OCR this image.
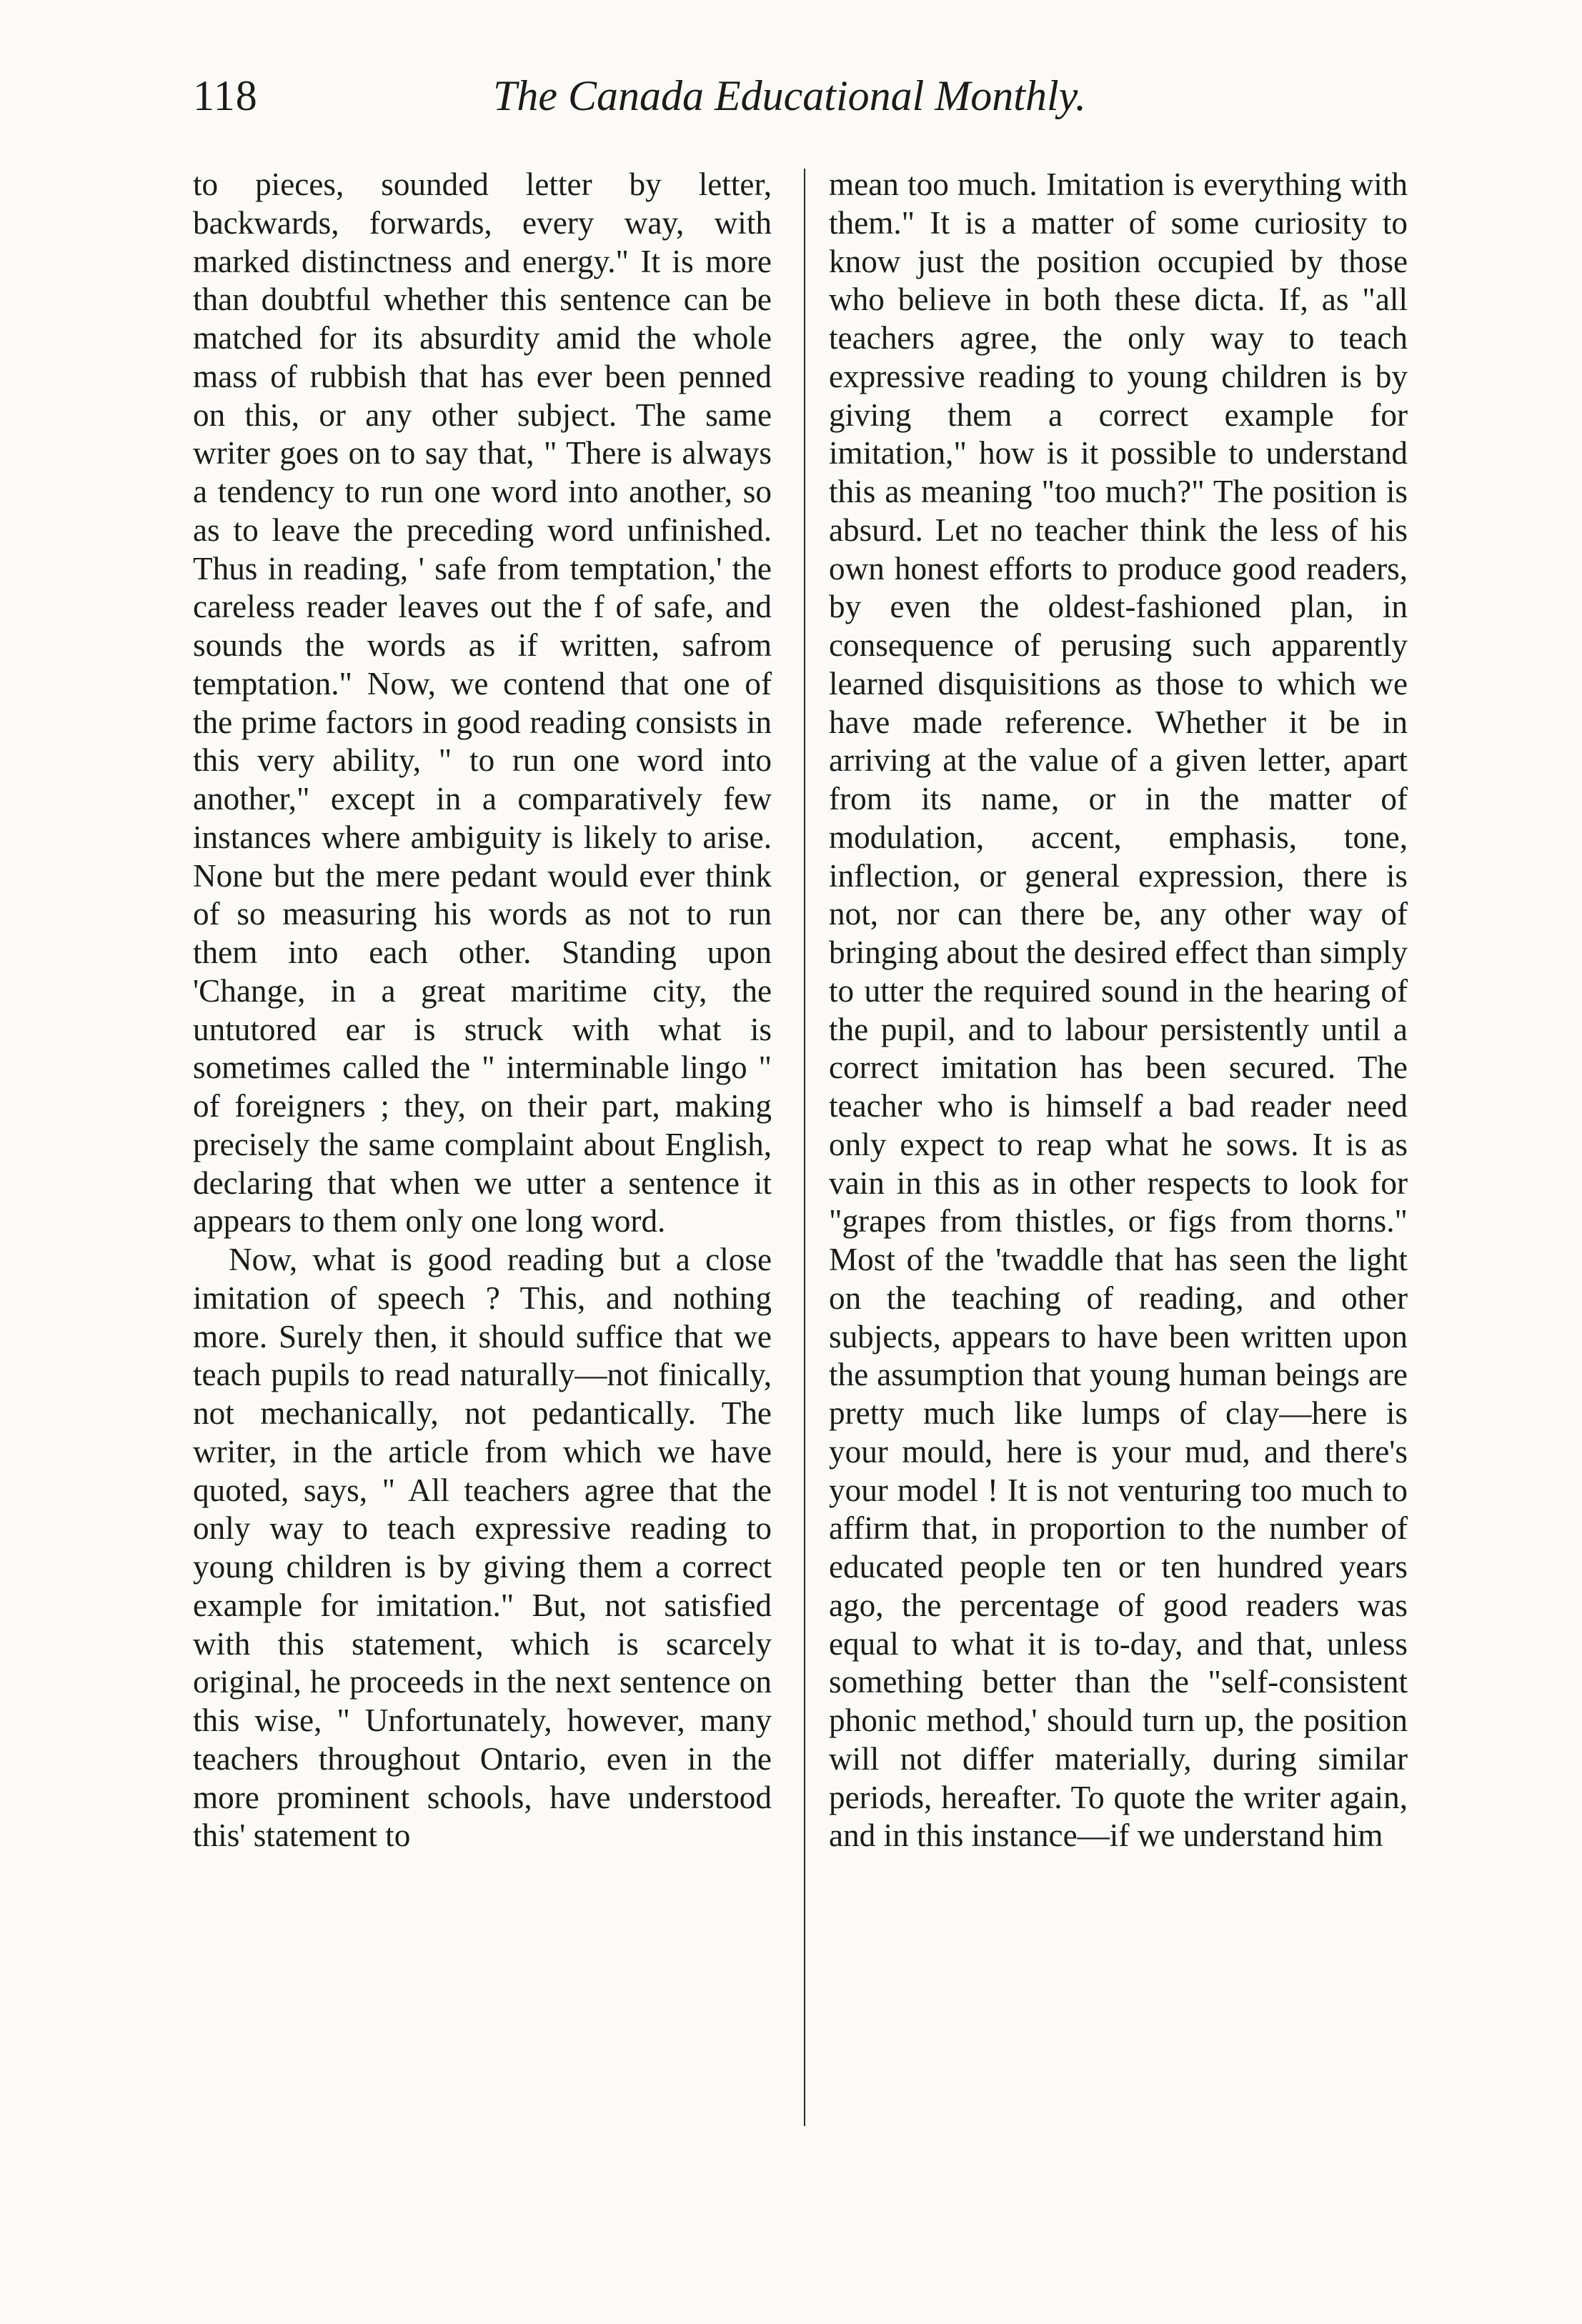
118	The Canada Educational Monthly.

to pieces, sounded letter by letter, backwards, forwards, every way, with marked distinctness and energy." It is more than doubtful whether this sentence can be matched for its absurdity amid the whole mass of rubbish that has ever been penned on this, or any other subject. The same writer goes on to say that, " There is always a tendency to run one word into another, so as to leave the preceding word unfinished. Thus in reading, ' safe from temptation,' the careless reader leaves out the f of safe, and sounds the words as if written, safrom temptation." Now, we contend that one of the prime factors in good reading consists in this very ability, " to run one word into another," except in a comparatively few instances where ambiguity is likely to arise. None but the mere pedant would ever think of so measuring his words as not to run them into each other. Standing upon 'Change, in a great maritime city, the untutored ear is struck with what is sometimes called the " interminable lingo " of foreigners ; they, on their part, making precisely the same complaint about English, declaring that when we utter a sentence it appears to them only one long word.

Now, what is good reading but a close imitation of speech ? This, and nothing more. Surely then, it should suffice that we teach pupils to read naturally—not finically, not mechanically, not pedantically. The writer, in the article from which we have quoted, says, " All teachers agree that the only way to teach expressive reading to young children is by giving them a correct example for imitation." But, not satisfied with this statement, which is scarcely original, he proceeds in the next sentence on this wise, " Unfortunately, however, many teachers throughout Ontario, even in the more prominent schools, have understood this' statement to

mean too much. Imitation is everything with them." It is a matter of some curiosity to know just the position occupied by those who believe in both these dicta. If, as "all teachers agree, the only way to teach expressive reading to young children is by giving them a correct example for imitation," how is it possible to understand this as meaning "too much?" The position is absurd. Let no teacher think the less of his own honest efforts to produce good readers, by even the oldest-fashioned plan, in consequence of perusing such apparently learned disquisitions as those to which we have made reference. Whether it be in arriving at the value of a given letter, apart from its name, or in the matter of modulation, accent, emphasis, tone, inflection, or general expression, there is not, nor can there be, any other way of bringing about the desired effect than simply to utter the required sound in the hearing of the pupil, and to labour persistently until a correct imitation has been secured. The teacher who is himself a bad reader need only expect to reap what he sows. It is as vain in this as in other respects to look for "grapes from thistles, or figs from thorns." Most of the 'twaddle that has seen the light on the teaching of reading, and other subjects, appears to have been written upon the assumption that young human beings are pretty much like lumps of clay—here is your mould, here is your mud, and there's your model ! It is not venturing too much to affirm that, in proportion to the number of educated people ten or ten hundred years ago, the percentage of good readers was equal to what it is to-day, and that, unless something better than the "self-consistent phonic method,' should turn up, the position will not differ materially, during similar periods, hereafter. To quote the writer again, and in this instance—if we understand him
